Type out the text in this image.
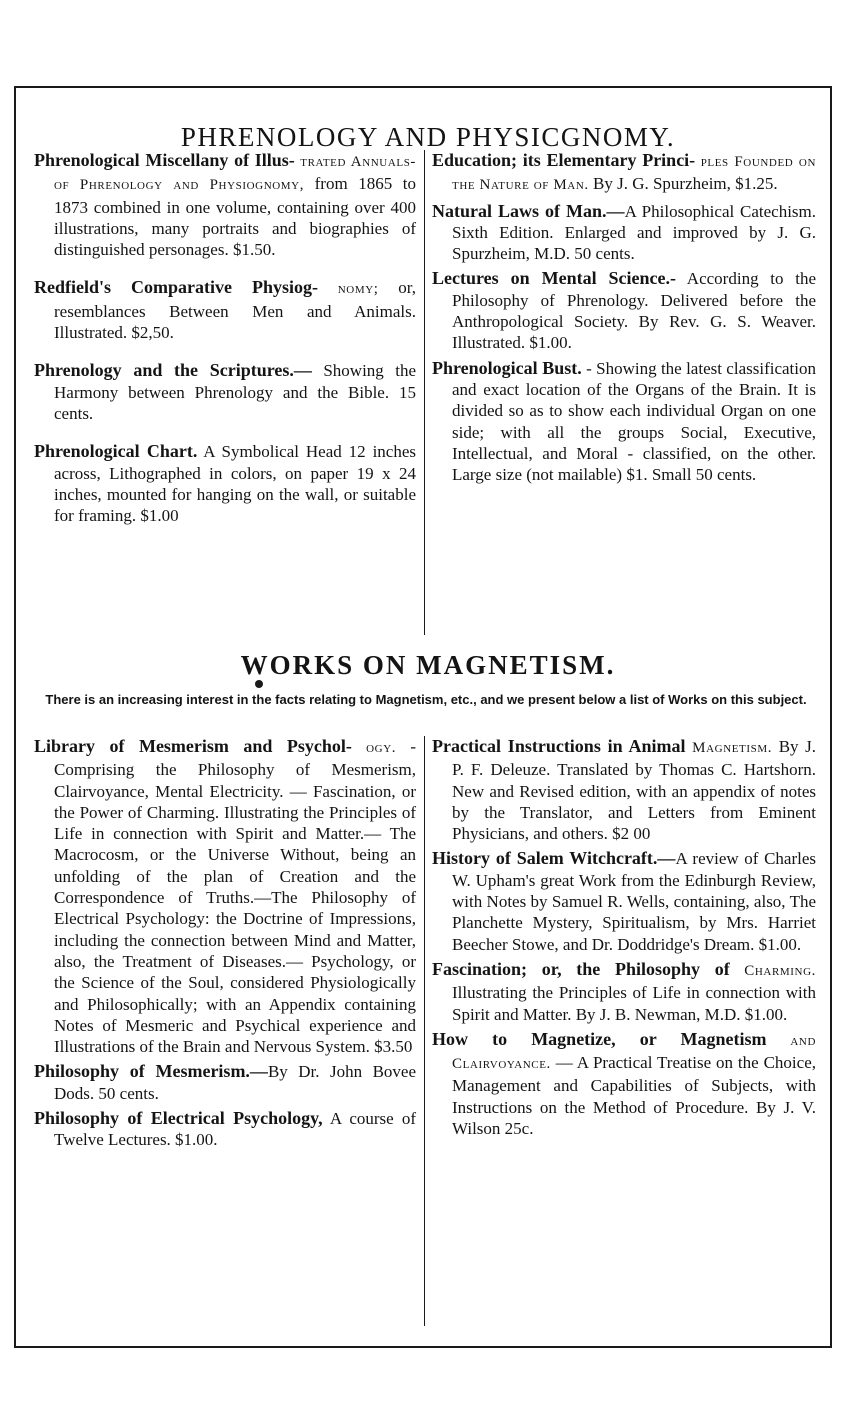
PHRENOLOGY AND PHYSICGNOMY.

Phrenological Miscellany of Illus- trated Annuals-of Phrenology and Physiognomy, from 1865 to 1873 combined in one volume, containing over 400 illustrations, many portraits and biographies of distinguished personages. $1.50.

Redfield's Comparative Physiog- nomy; or, resemblances Between Men and Animals. Illustrated. $2,50.

Phrenology and the Scriptures.— Showing the Harmony between Phrenology and the Bible. 15 cents.

Phrenological Chart. A Symbolical Head 12 inches across, Lithographed in colors, on paper 19 x 24 inches, mounted for hanging on the wall, or suitable for framing. $1.00

Education; its Elementary Princi- ples Founded on the Nature of Man. By J. G. Spurzheim, $1.25.

Natural Laws of Man.—A Philosophical Catechism. Sixth Edition. Enlarged and improved by J. G. Spurzheim, M.D. 50 cents.

Lectures on Mental Science.- According to the Philosophy of Phrenology. Delivered before the Anthropological Society. By Rev. G. S. Weaver. Illustrated. $1.00.

Phrenological Bust. - Showing the latest classification and exact location of the Organs of the Brain. It is divided so as to show each individual Organ on one side; with all the groups Social, Executive, Intellectual, and Moral - classified, on the other. Large size (not mailable) $1. Small 50 cents.

WORKS ON MAGNETISM.

There is an increasing interest in the facts relating to Magnetism, etc., and we present below a list of Works on this subject.

Library of Mesmerism and Psychol- ogy. - Comprising the Philosophy of Mesmerism, Clairvoyance, Mental Electricity. — Fascination, or the Power of Charming. Illustrating the Principles of Life in connection with Spirit and Matter.— The Macrocosm, or the Universe Without, being an unfolding of the plan of Creation and the Correspondence of Truths.—The Philosophy of Electrical Psychology: the Doctrine of Impressions, including the connection between Mind and Matter, also, the Treatment of Diseases.— Psychology, or the Science of the Soul, considered Physiologically and Philosophically; with an Appendix containing Notes of Mesmeric and Psychical experience and Illustrations of the Brain and Nervous System. $3.50

Philosophy of Mesmerism.—By Dr. John Bovee Dods. 50 cents.

Philosophy of Electrical Psychology, A course of Twelve Lectures. $1.00.

Practical Instructions in Animal Magnetism. By J. P. F. Deleuze. Translated by Thomas C. Hartshorn. New and Revised edition, with an appendix of notes by the Translator, and Letters from Eminent Physicians, and others. $2 00

History of Salem Witchcraft.—A review of Charles W. Upham's great Work from the Edinburgh Review, with Notes by Samuel R. Wells, containing, also, The Planchette Mystery, Spiritualism, by Mrs. Harriet Beecher Stowe, and Dr. Doddridge's Dream. $1.00.

Fascination; or, the Philosophy of Charming. Illustrating the Principles of Life in connection with Spirit and Matter. By J. B. Newman, M.D. $1.00.

How to Magnetize, or Magnetism and Clairvoyance. — A Practical Treatise on the Choice, Management and Capabilities of Subjects, with Instructions on the Method of Procedure. By J. V. Wilson 25c.
